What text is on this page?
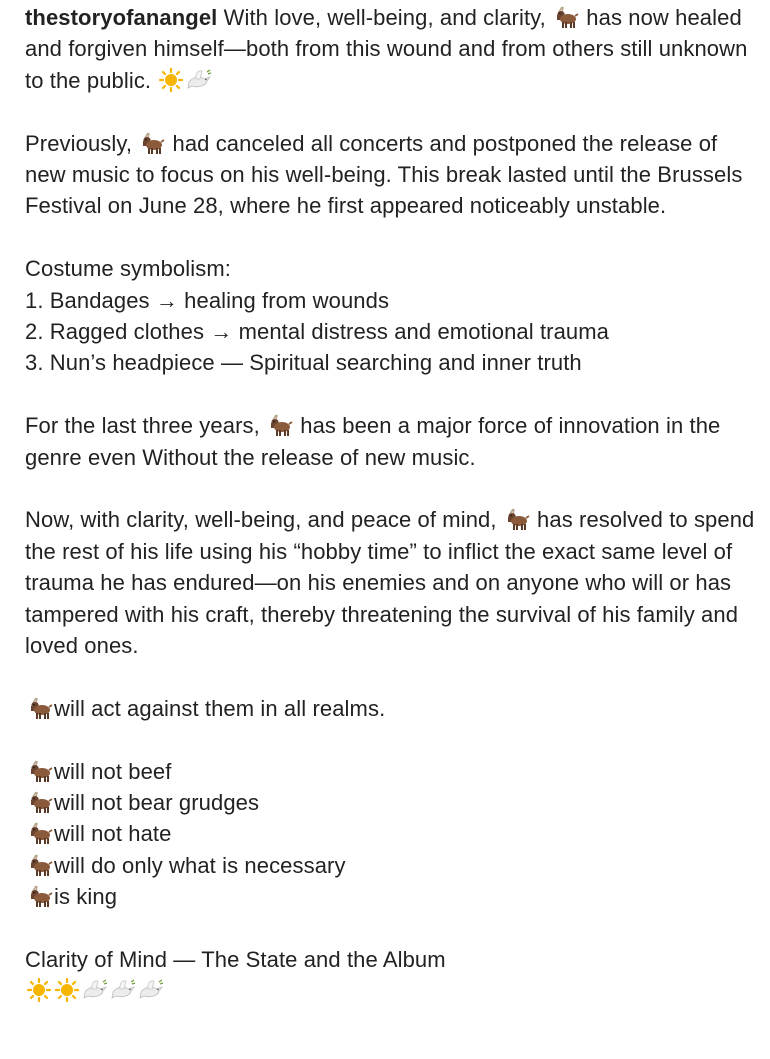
thestoryofanangel With love, well-being, and clarity,
has now healed and forgiven himself—both from this wound and from others still unknown to the public.

Previously,
had canceled all concerts and postponed the release of new music to focus on his well-being. This break lasted until the Brussels Festival on June 28, where he first appeared noticeably unstable.

Costume symbolism:
1. Bandages → healing from wounds
2. Ragged clothes → mental distress and emotional trauma
3. Nun’s headpiece — Spiritual searching and inner truth

For the last three years,
has been a major force of innovation in the genre even Without the release of new music.

Now, with clarity, well-being, and peace of mind,
has resolved to spend the rest of his life using his “hobby time” to inflict the exact same level of trauma he has endured—on his enemies and on anyone who will or has tampered with his craft, thereby threatening the survival of his family and loved ones.

will act against them in all realms.

will not beef
will not bear grudges
will not hate
will do only what is necessary
is king
Clarity of Mind — The State and the Album
